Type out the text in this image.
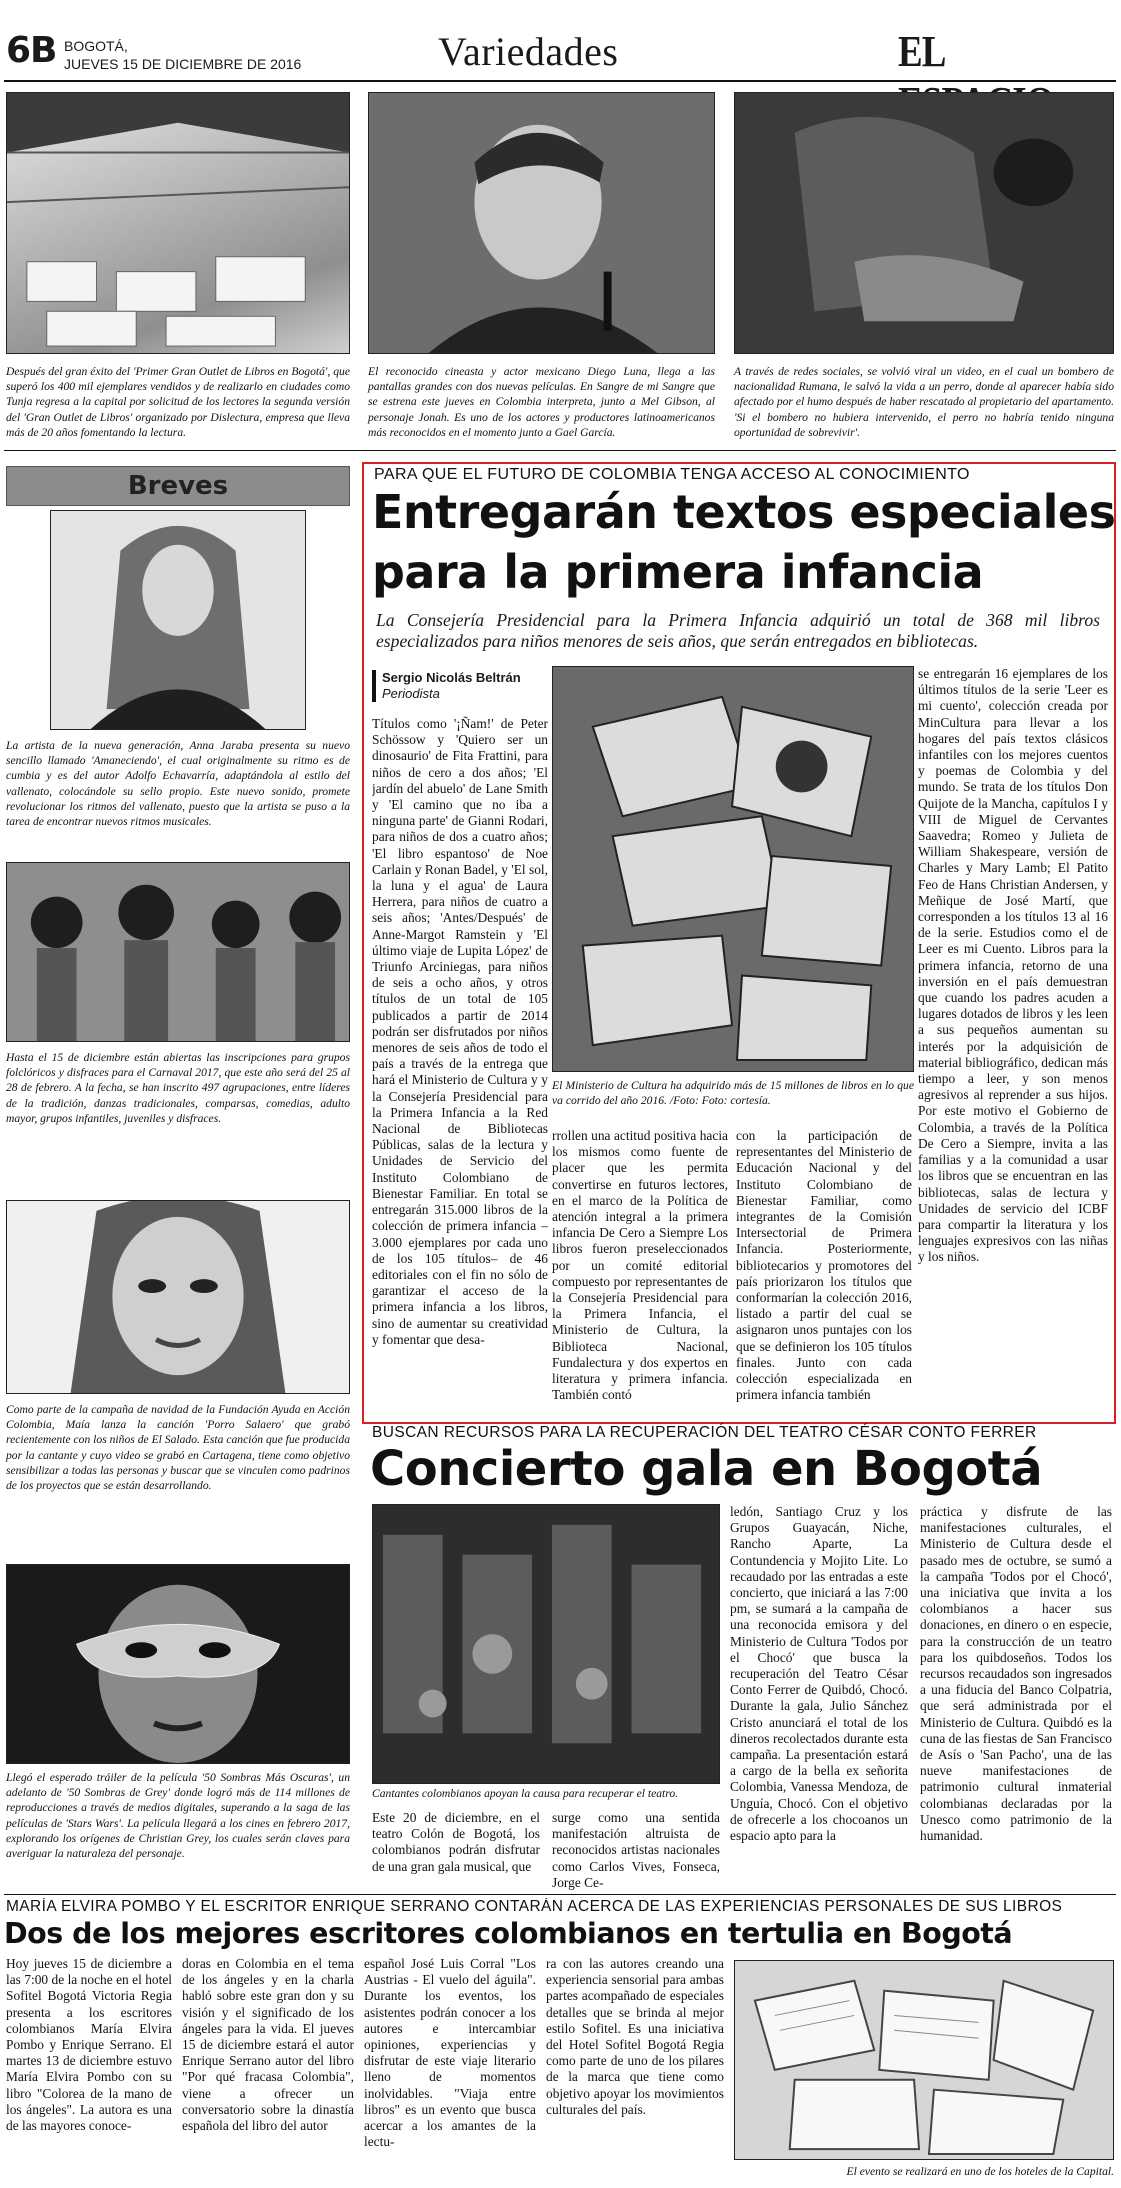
6B BOGOTÁ,
JUEVES 15 DE DICIEMBRE DE 2016	Variedades	EL
Después del gran éxito del 'Primer Gran Outlet de Libros en Bogotá', que superó los 400 mil ejemplares vendidos y de realizarlo en ciudades como Tunja regresa a la capital por solicitud de los lectores la segunda versión del 'Gran Outlet de Libros' organizado por Dislectura, empresa que lleva más de 20 años fomentando la lectura.
El reconocido cineasta y actor mexicano Diego Luna, llega a las pantallas grandes con dos nuevas películas. En Sangre de mi Sangre que se estrena este jueves en Colombia interpreta, junto a Mel Gibson, al personaje Jonah. Es uno de los actores y productores latinoamericanos más reconocidos en el momento junto a Gael García.
A través de redes sociales, se volvió viral un video, en el cual un bombero de nacionalidad Rumana, le salvó la vida a un perro, donde al aparecer había sido afectado por el humo después de haber rescatado al propietario del apartamento. 'Si el bombero no hubiera intervenido, el perro no habría tenido ninguna oportunidad de sobrevivir'.
Breves
La artista de la nueva generación, Anna Jaraba presenta su nuevo sencillo llamado 'Amaneciendo', el cual originalmente su ritmo es de cumbia y es del autor Adolfo Echavarría, adaptándola al estilo del vallenato, colocándole su sello propio. Este nuevo sonido, promete revolucionar los ritmos del vallenato, puesto que la artista se puso a la tarea de encontrar nuevos ritmos musicales.
Hasta el 15 de diciembre están abiertas las inscripciones para grupos folclóricos y disfraces para el Carnaval 2017, que este año será del 25 al 28 de febrero. A la fecha, se han inscrito 497 agrupaciones, entre líderes de la tradición, danzas tradicionales, comparsas, comedias, adulto mayor, grupos infantiles, juveniles y disfraces.
Como parte de la campaña de navidad de la Fundación Ayuda en Acción Colombia, Maía lanza la canción 'Porro Salaero' que grabó recientemente con los niños de El Salado. Esta canción que fue producida por la cantante y cuyo video se grabó en Cartagena, tiene como objetivo sensibilizar a todas las personas y buscar que se vinculen como padrinos de los proyectos que se están desarrollando.
Llegó el esperado tráiler de la película '50 Sombras Más Oscuras', un adelanto de '50 Sombras de Grey' donde logró más de 114 millones de reproducciones a través de medios digitales, superando a la saga de las películas de 'Stars Wars'. La película llegará a los cines en febrero 2017, explorando los orígenes de Christian Grey, los cuales serán claves para averiguar la naturaleza del personaje.
PARA QUE EL FUTURO DE COLOMBIA TENGA ACCESO AL CONOCIMIENTO
Entregarán textos especiales
para la primera infancia
La Consejería Presidencial para la Primera Infancia adquirió un total de 368 mil libros especializados para niños menores de seis años, que serán entregados en bibliotecas.
Sergio Nicolás Beltrán
Periodista
Títulos como '¡Ñam!' de Peter Schössow y 'Quiero ser un dinosaurio' de Fita Frattini, para niños de cero a dos años; 'El jardín del abuelo' de Lane Smith y 'El camino que no iba a ninguna parte' de Gianni Rodari, para niños de dos a cuatro años; 'El libro espantoso' de Noe Carlain y Ronan Badel, y 'El sol, la luna y el agua' de Laura Herrera, para niños de cuatro a seis años; 'Antes/Después' de Anne-Margot Ramstein y 'El último viaje de Lupita López' de Triunfo Arciniegas, para niños de seis a ocho años, y otros títulos de un total de 105 publicados a partir de 2014 podrán ser disfrutados por niños menores de seis años de todo el país a través de la entrega que hará el Ministerio de Cultura y y la Consejería Presidencial para la Primera Infancia a la Red Nacional de Bibliotecas Públicas, salas de la lectura y Unidades de Servicio del Instituto Colombiano de Bienestar Familiar. En total se entregarán 315.000 libros de la colección de primera infancia –3.000 ejemplares por cada uno de los 105 títulos– de 46 editoriales con el fin no sólo de garantizar el acceso de la primera infancia a los libros, sino de aumentar su creatividad y fomentar que desa-
El Ministerio de Cultura ha adquirido más de 15 millones de libros en lo que va corrido del año 2016. /Foto: Foto: cortesía.
rrollen una actitud positiva hacia los mismos como fuente de placer que les permita convertirse en futuros lectores, en el marco de la Política de atención integral a la primera infancia De Cero a Siempre Los libros fueron preseleccionados por un comité editorial compuesto por representantes de la Consejería Presidencial para la Primera Infancia, el Ministerio de Cultura, la Biblioteca Nacional, Fundalectura y dos expertos en literatura y primera infancia. También contó
con la participación de representantes del Ministerio de Educación Nacional y del Instituto Colombiano de Bienestar Familiar, como integrantes de la Comisión Intersectorial de Primera Infancia. Posteriormente, bibliotecarios y promotores del país priorizaron los títulos que conformarían la colección 2016, listado a partir del cual se asignaron unos puntajes con los que se definieron los 105 títulos finales. Junto con cada colección especializada en primera infancia también
se entregarán 16 ejemplares de los últimos títulos de la serie 'Leer es mi cuento', colección creada por MinCultura para llevar a los hogares del país textos clásicos infantiles con los mejores cuentos y poemas de Colombia y del mundo. Se trata de los títulos Don Quijote de la Mancha, capítulos I y VIII de Miguel de Cervantes Saavedra; Romeo y Julieta de William Shakespeare, versión de Charles y Mary Lamb; El Patito Feo de Hans Christian Andersen, y Meñique de José Martí, que corresponden a los títulos 13 al 16 de la serie. Estudios como el de Leer es mi Cuento. Libros para la primera infancia, retorno de una inversión en el país demuestran que cuando los padres acuden a lugares dotados de libros y les leen a sus pequeños aumentan su interés por la adquisición de material bibliográfico, dedican más tiempo a leer, y son menos agresivos al reprender a sus hijos. Por este motivo el Gobierno de Colombia, a través de la Política De Cero a Siempre, invita a las familias y a la comunidad a usar los libros que se encuentran en las bibliotecas, salas de lectura y Unidades de servicio del ICBF para compartir la literatura y los lenguajes expresivos con las niñas y los niños.
BUSCAN RECURSOS PARA LA RECUPERACIÓN DEL TEATRO CÉSAR CONTO FERRER
Concierto gala en Bogotá
Cantantes colombianos apoyan la causa para recuperar el teatro.
Este 20 de diciembre, en el teatro Colón de Bogotá, los colombianos podrán disfrutar de una gran gala musical, que
surge como una sentida manifestación altruista de reconocidos artistas nacionales como Carlos Vives, Fonseca, Jorge Ce-
ledón, Santiago Cruz y los Grupos Guayacán, Niche, Rancho Aparte, La Contundencia y Mojito Lite. Lo recaudado por las entradas a este concierto, que iniciará a las 7:00 pm, se sumará a la campaña de una reconocida emisora y del Ministerio de Cultura 'Todos por el Chocó' que busca la recuperación del Teatro César Conto Ferrer de Quibdó, Chocó. Durante la gala, Julio Sánchez Cristo anunciará el total de los dineros recolectados durante esta campaña. La presentación estará a cargo de la bella ex señorita Colombia, Vanessa Mendoza, de Unguía, Chocó. Con el objetivo de ofrecerle a los chocoanos un espacio apto para la
práctica y disfrute de las manifestaciones culturales, el Ministerio de Cultura desde el pasado mes de octubre, se sumó a la campaña 'Todos por el Chocó', una iniciativa que invita a los colombianos a hacer sus donaciones, en dinero o en especie, para la construcción de un teatro para los quibdoseños. Todos los recursos recaudados son ingresados a una fiducia del Banco Colpatria, que será administrada por el Ministerio de Cultura. Quibdó es la cuna de las fiestas de San Francisco de Asís o 'San Pacho', una de las nueve manifestaciones de patrimonio cultural inmaterial colombianas declaradas por la Unesco como patrimonio de la humanidad.
MARÍA ELVIRA POMBO Y EL ESCRITOR ENRIQUE SERRANO CONTARÁN ACERCA DE LAS EXPERIENCIAS PERSONALES DE SUS LIBROS
Dos de los mejores escritores colombianos en tertulia en Bogotá
Hoy jueves 15 de diciembre a las 7:00 de la noche en el hotel Sofitel Bogotá Victoria Regia presenta a los escritores colombianos María Elvira Pombo y Enrique Serrano. El martes 13 de diciembre estuvo María Elvira Pombo con su libro "Colorea de la mano de los ángeles". La autora es una de las mayores conoce-
doras en Colombia en el tema de los ángeles y en la charla habló sobre este gran don y su visión y el significado de los ángeles para la vida. El jueves 15 de diciembre estará el autor Enrique Serrano autor del libro "Por qué fracasa Colombia", viene a ofrecer un conversatorio sobre la dinastía española del libro del autor
español José Luis Corral "Los Austrias - El vuelo del águila". Durante los eventos, los asistentes podrán conocer a los autores e intercambiar opiniones, experiencias y disfrutar de este viaje literario lleno de momentos inolvidables. "Viaja entre libros" es un evento que busca acercar a los amantes de la lectu-
ra con las autores creando una experiencia sensorial para ambas partes acompañado de especiales detalles que se brinda al mejor estilo Sofitel. Es una iniciativa del Hotel Sofitel Bogotá Regia como parte de uno de los pilares de la marca que tiene como objetivo apoyar los movimientos culturales del país.
El evento se realizará en uno de los hoteles de la Capital.
